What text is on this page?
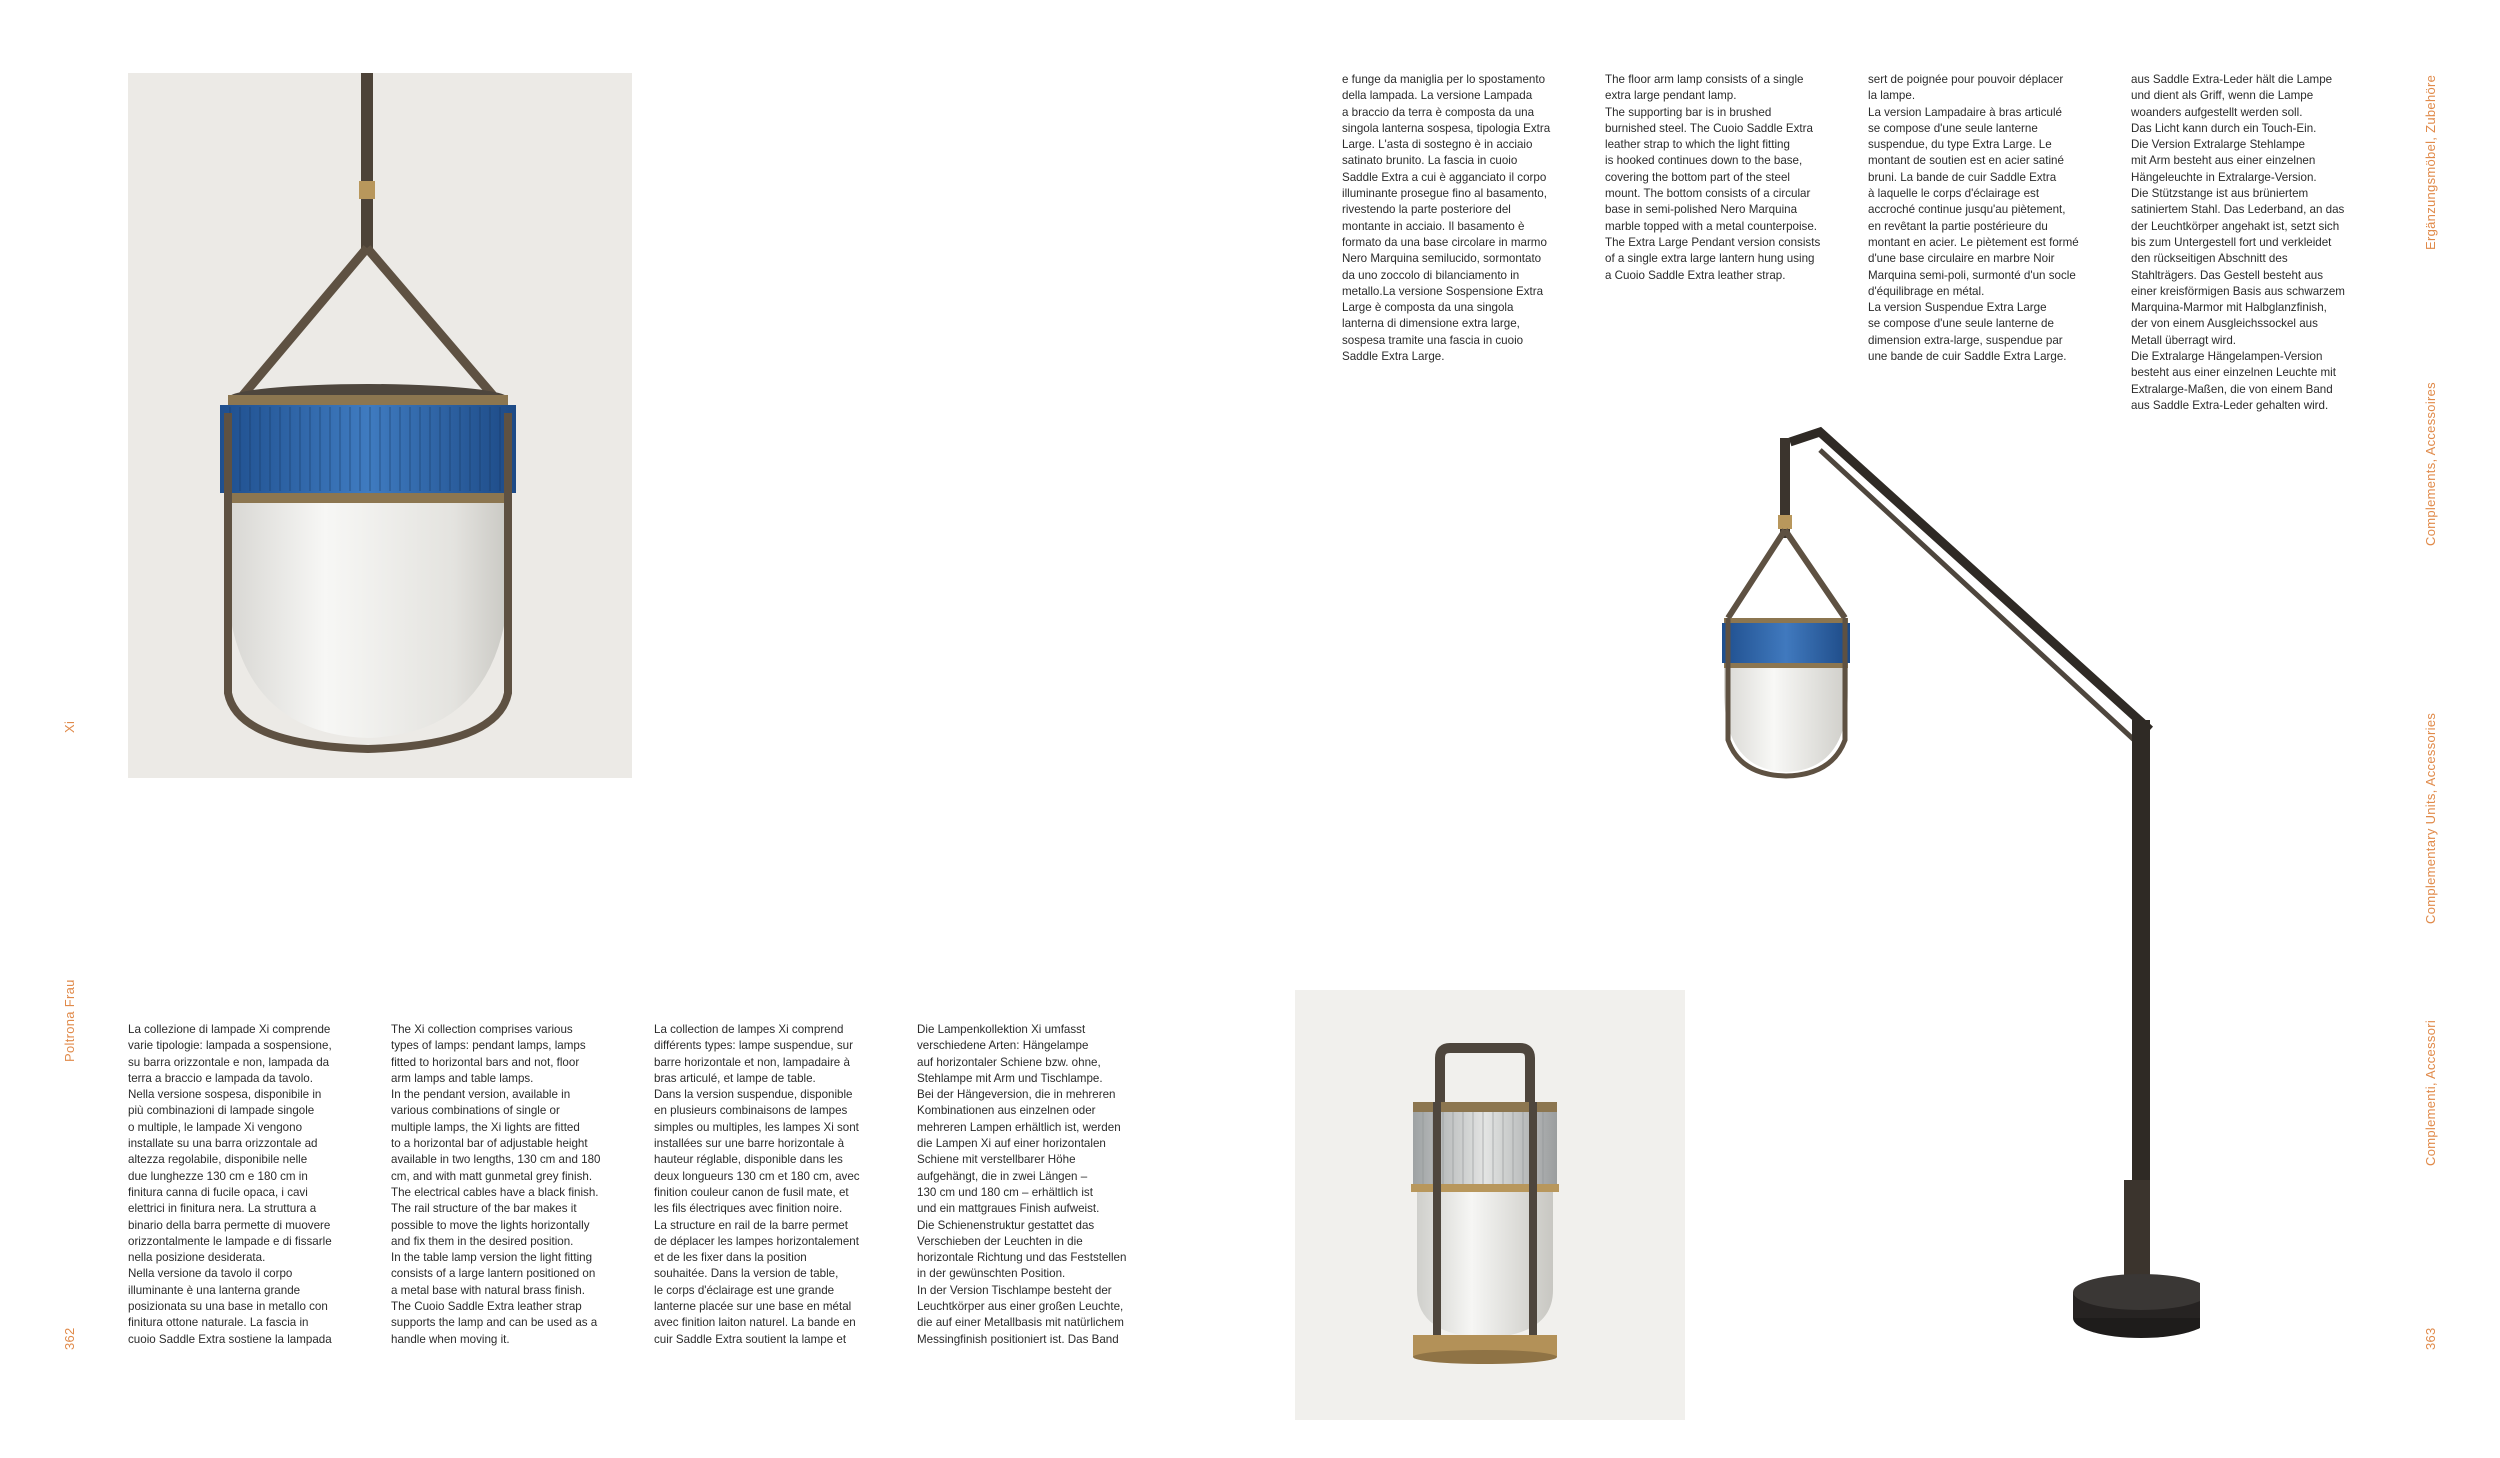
Xi
Poltrona Frau
362
La collezione di lampade Xi comprende
varie tipologie: lampada a sospensione,
su barra orizzontale e non, lampada da
terra a braccio e lampada da tavolo.
Nella versione sospesa, disponibile in
più combinazioni di lampade singole
o multiple, le lampade Xi vengono
installate su una barra orizzontale ad
altezza regolabile, disponibile nelle
due lunghezze 130 cm e 180 cm in
finitura canna di fucile opaca, i cavi
elettrici in finitura nera. La struttura a
binario della barra permette di muovere
orizzontalmente le lampade e di fissarle
nella posizione desiderata.
Nella versione da tavolo il corpo
illuminante è una lanterna grande
posizionata su una base in metallo con
finitura ottone naturale. La fascia in
cuoio Saddle Extra sostiene la lampada
The Xi collection comprises various
types of lamps: pendant lamps, lamps
fitted to horizontal bars and not, floor
arm lamps and table lamps.
In the pendant version, available in
various combinations of single or
multiple lamps, the Xi lights are fitted
to a horizontal bar of adjustable height
available in two lengths, 130 cm and 180
cm, and with matt gunmetal grey finish.
The electrical cables have a black finish.
The rail structure of the bar makes it
possible to move the lights horizontally
and fix them in the desired position.
In the table lamp version the light fitting
consists of a large lantern positioned on
a metal base with natural brass finish.
The Cuoio Saddle Extra leather strap
supports the lamp and can be used as a
handle when moving it.
La collection de lampes Xi comprend
différents types: lampe suspendue, sur
barre horizontale et non, lampadaire à
bras articulé, et lampe de table.
Dans la version suspendue, disponible
en plusieurs combinaisons de lampes
simples ou multiples, les lampes Xi sont
installées sur une barre horizontale à
hauteur réglable, disponible dans les
deux longueurs 130 cm et 180 cm, avec
finition couleur canon de fusil mate, et
les fils électriques avec finition noire.
La structure en rail de la barre permet
de déplacer les lampes horizontalement
et de les fixer dans la position
souhaitée. Dans la version de table,
le corps d'éclairage est une grande
lanterne placée sur une base en métal
avec finition laiton naturel. La bande en
cuir Saddle Extra soutient la lampe et
Die Lampenkollektion Xi umfasst
verschiedene Arten: Hängelampe
auf horizontaler Schiene bzw. ohne,
Stehlampe mit Arm und Tischlampe.
Bei der Hängeversion, die in mehreren
Kombinationen aus einzelnen oder
mehreren Lampen erhältlich ist, werden
die Lampen Xi auf einer horizontalen
Schiene mit verstellbarer Höhe
aufgehängt, die in zwei Längen –
130 cm und 180 cm – erhältlich ist
und ein mattgraues Finish aufweist.
Die Schienenstruktur gestattet das
Verschieben der Leuchten in die
horizontale Richtung und das Feststellen
in der gewünschten Position.
In der Version Tischlampe besteht der
Leuchtkörper aus einer großen Leuchte,
die auf einer Metallbasis mit natürlichem
Messingfinish positioniert ist. Das Band
e funge da maniglia per lo spostamento
della lampada. La versione Lampada
a braccio da terra è composta da una
singola lanterna sospesa, tipologia Extra
Large. L'asta di sostegno è in acciaio
satinato brunito. La fascia in cuoio
Saddle Extra a cui è agganciato il corpo
illuminante prosegue fino al basamento,
rivestendo la parte posteriore del
montante in acciaio. Il basamento è
formato da una base circolare in marmo
Nero Marquina semilucido, sormontato
da uno zoccolo di bilanciamento in
metallo.La versione Sospensione Extra
Large è composta da una singola
lanterna di dimensione extra large,
sospesa tramite una fascia in cuoio
Saddle Extra Large.
The floor arm lamp consists of a single
extra large pendant lamp.
The supporting bar is in brushed
burnished steel. The Cuoio Saddle Extra
leather strap to which the light fitting
is hooked continues down to the base,
covering the bottom part of the steel
mount. The bottom consists of a circular
base in semi-polished Nero Marquina
marble topped with a metal counterpoise.
The Extra Large Pendant version consists
of a single extra large lantern hung using
a Cuoio Saddle Extra leather strap.
sert de poignée pour pouvoir déplacer
la lampe.
La version Lampadaire à bras articulé
se compose d'une seule lanterne
suspendue, du type Extra Large. Le
montant de soutien est en acier satiné
bruni. La bande de cuir Saddle Extra
à laquelle le corps d'éclairage est
accroché continue jusqu'au piètement,
en revêtant la partie postérieure du
montant en acier. Le piètement est formé
d'une base circulaire en marbre Noir
Marquina semi-poli, surmonté d'un socle
d'équilibrage en métal.
La version Suspendue Extra Large
se compose d'une seule lanterne de
dimension extra-large, suspendue par
une bande de cuir Saddle Extra Large.
aus Saddle Extra-Leder hält die Lampe
und dient als Griff, wenn die Lampe
woanders aufgestellt werden soll.
Das Licht kann durch ein Touch-Ein.
Die Version Extralarge Stehlampe
mit Arm besteht aus einer einzelnen
Hängeleuchte in Extralarge-Version.
Die Stützstange ist aus brüniertem
satiniertem Stahl. Das Lederband, an das
der Leuchtkörper angehakt ist, setzt sich
bis zum Untergestell fort und verkleidet
den rückseitigen Abschnitt des
Stahlträgers. Das Gestell besteht aus
einer kreisförmigen Basis aus schwarzem
Marquina-Marmor mit Halbglanzfinish,
der von einem Ausgleichssockel aus
Metall überragt wird.
Die Extralarge Hängelampen-Version
besteht aus einer einzelnen Leuchte mit
Extralarge-Maßen, die von einem Band
aus Saddle Extra-Leder gehalten wird.
Ergänzungsmöbel, Zubehöre
Complements, Accessoires
Complementary Units, Accessories
Complementi, Accessori
363
